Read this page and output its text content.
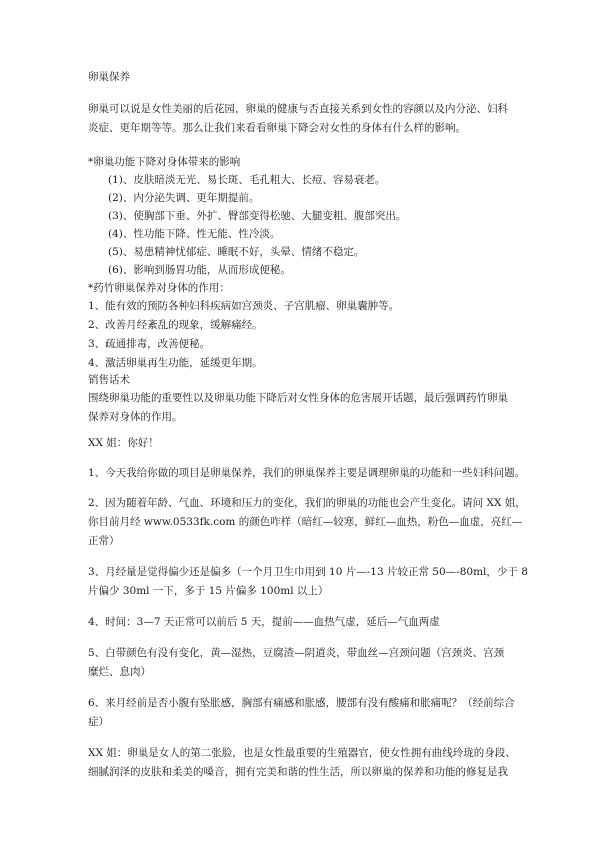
卵巢保养
卵巢可以说是女性美丽的后花园，卵巢的健康与否直接关系到女性的容颜以及内分泌、妇科
炎症、更年期等等。那么让我们来看看卵巢下降会对女性的身体有什么样的影响。
*卵巢功能下降对身体带来的影响
(1)、皮肤暗淡无光、易长斑、毛孔粗大、长痘、容易衰老。
(2)、内分泌失调、更年期提前。
(3)、使胸部下垂、外扩、臀部变得松驰、大腿变粗、腹部突出。
(4)、性功能下降、性无能、性冷淡。
(5)、易患精神忧郁症、睡眠不好，头晕、情绪不稳定。
(6)、影响到肠胃功能，从而形成便秘。
*药竹卵巢保养对身体的作用：
1、能有效的预防各种妇科疾病如宫颈炎、子宫肌瘤、卵巢囊肿等。
2、改善月经紊乱的现象，缓解痛经。
3、疏通排毒，改善便秘。
4、激活卵巢再生功能，延缓更年期。
销售话术
围绕卵巢功能的重要性以及卵巢功能下降后对女性身体的危害展开话题，最后强调药竹卵巢
保养对身体的作用。
XX 姐：你好！
1、今天我给你做的项目是卵巢保养，我们的卵巢保养主要是调理卵巢的功能和一些妇科问题。
2、因为随着年龄、气血、环境和压力的变化，我们的卵巢的功能也会产生变化。请问 XX 姐，
你目前月经 www.0533fk.com 的颜色咋样（暗红—较寒，鲜红—血热，粉色—血虚，亮红—
正常）
3、月经量是觉得偏少还是偏多（一个月卫生巾用到 10 片—-13 片较正常 50—-80ml，少于 8
片偏少 30ml 一下，多于 15 片偏多 100ml 以上）
4、时间：3—7 天正常可以前后 5 天，提前——血热气虚，延后—气血两虚
5、白带颜色有没有变化，黄—湿热，豆腐渣—阴道炎，带血丝—宫颈问题（宫颈炎、宫颈
糜烂、息肉）
6、来月经前是否小腹有坠胀感，胸部有痛感和胀感，腰部有没有酸痛和胀痛呢？（经前综合
症）
XX 姐：卵巢是女人的第二张脸，也是女性最重要的生殖器官，使女性拥有曲线玲珑的身段、
细腻润泽的皮肤和柔美的嗓音，拥有完美和谐的性生活，所以卵巢的保养和功能的修复是我
